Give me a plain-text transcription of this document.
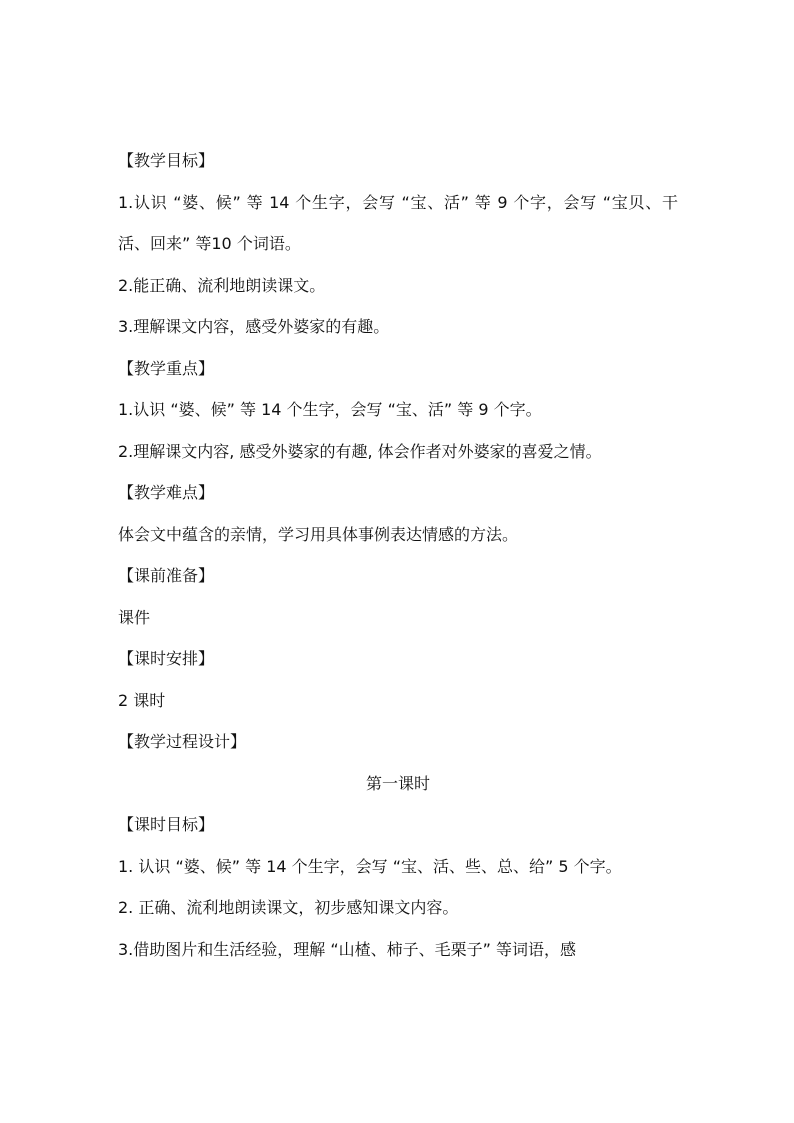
【教学目标】
1.认识 “婆、候” 等 14 个生字，会写 “宝、活” 等 9 个字，会写 “宝贝、干活、回来” 等10 个词语。
2.能正确、流利地朗读课文。
3.理解课文内容，感受外婆家的有趣。
【教学重点】
1.认识 “婆、候” 等 14 个生字，会写 “宝、活” 等 9 个字。
2.理解课文内容, 感受外婆家的有趣, 体会作者对外婆家的喜爱之情。
【教学难点】
体会文中蕴含的亲情，学习用具体事例表达情感的方法。
【课前准备】
课件
【课时安排】
2 课时
【教学过程设计】
第一课时
【课时目标】
1. 认识 “婆、候” 等 14 个生字，会写 “宝、活、些、总、给” 5 个字。
2. 正确、流利地朗读课文，初步感知课文内容。
3.借助图片和生活经验，理解 “山楂、柿子、毛栗子” 等词语，感
